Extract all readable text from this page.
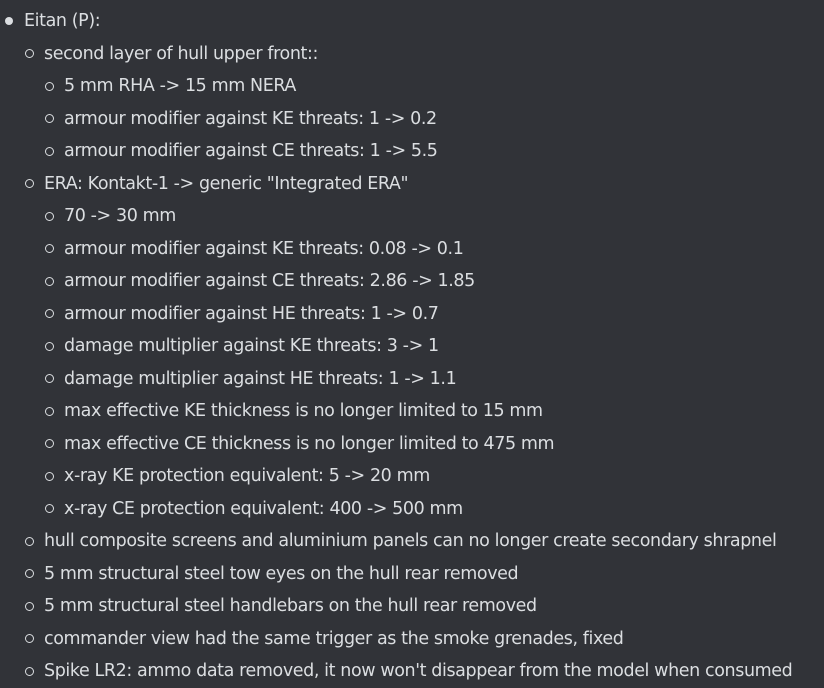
Eitan (P):
second layer of hull upper front::
5 mm RHA -> 15 mm NERA
armour modifier against KE threats: 1 -> 0.2
armour modifier against CE threats: 1 -> 5.5
ERA: Kontakt-1 -> generic "Integrated ERA"
70 -> 30 mm
armour modifier against KE threats: 0.08 -> 0.1
armour modifier against CE threats: 2.86 -> 1.85
armour modifier against HE threats: 1 -> 0.7
damage multiplier against KE threats: 3 -> 1
damage multiplier against HE threats: 1 -> 1.1
max effective KE thickness is no longer limited to 15 mm
max effective CE thickness is no longer limited to 475 mm
x-ray KE protection equivalent: 5 -> 20 mm
x-ray CE protection equivalent: 400 -> 500 mm
hull composite screens and aluminium panels can no longer create secondary shrapnel
5 mm structural steel tow eyes on the hull rear removed
5 mm structural steel handlebars on the hull rear removed
commander view had the same trigger as the smoke grenades, fixed
Spike LR2: ammo data removed, it now won't disappear from the model when consumed
